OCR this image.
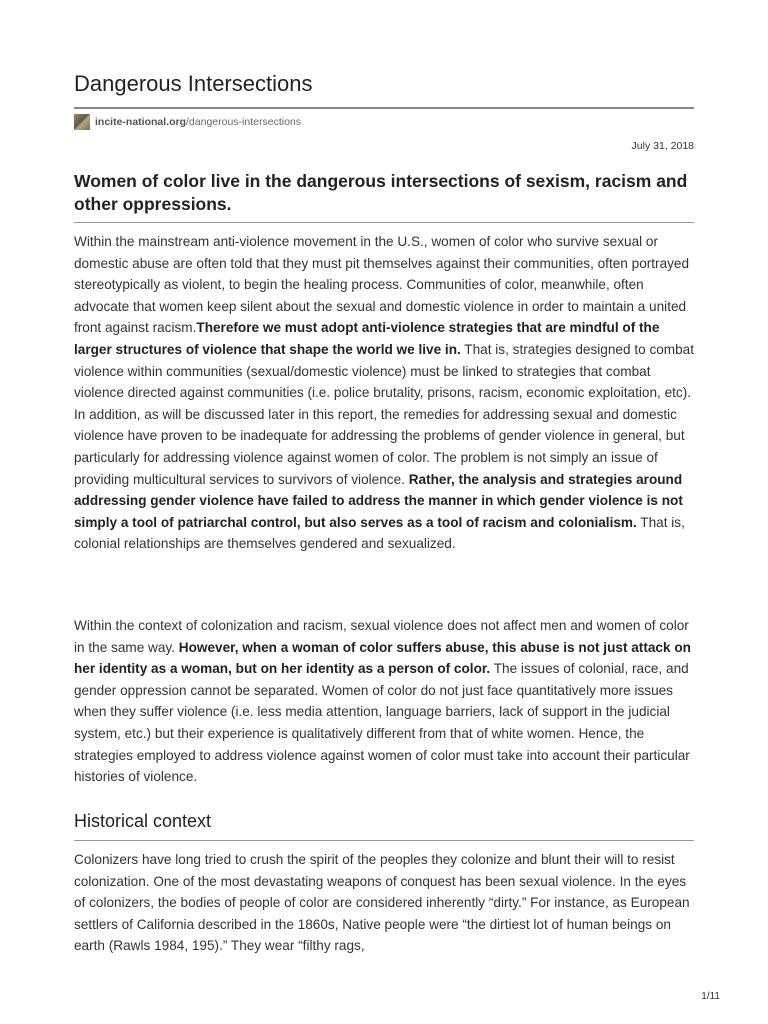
Dangerous Intersections
incite-national.org/dangerous-intersections
July 31, 2018
Women of color live in the dangerous intersections of sexism, racism and other oppressions.

Within the mainstream anti-violence movement in the U.S., women of color who survive sexual or domestic abuse are often told that they must pit themselves against their communities, often portrayed stereotypically as violent, to begin the healing process. Communities of color, meanwhile, often advocate that women keep silent about the sexual and domestic violence in order to maintain a united front against racism.Therefore we must adopt anti-violence strategies that are mindful of the larger structures of violence that shape the world we live in. That is, strategies designed to combat violence within communities (sexual/domestic violence) must be linked to strategies that combat violence directed against communities (i.e. police brutality, prisons, racism, economic exploitation, etc). In addition, as will be discussed later in this report, the remedies for addressing sexual and domestic violence have proven to be inadequate for addressing the problems of gender violence in general, but particularly for addressing violence against women of color. The problem is not simply an issue of providing multicultural services to survivors of violence. Rather, the analysis and strategies around addressing gender violence have failed to address the manner in which gender violence is not simply a tool of patriarchal control, but also serves as a tool of racism and colonialism. That is, colonial relationships are themselves gendered and sexualized.

Within the context of colonization and racism, sexual violence does not affect men and women of color in the same way. However, when a woman of color suffers abuse, this abuse is not just attack on her identity as a woman, but on her identity as a person of color. The issues of colonial, race, and gender oppression cannot be separated. Women of color do not just face quantitatively more issues when they suffer violence (i.e. less media attention, language barriers, lack of support in the judicial system, etc.) but their experience is qualitatively different from that of white women. Hence, the strategies employed to address violence against women of color must take into account their particular histories of violence.

Historical context

Colonizers have long tried to crush the spirit of the peoples they colonize and blunt their will to resist colonization. One of the most devastating weapons of conquest has been sexual violence. In the eyes of colonizers, the bodies of people of color are considered inherently “dirty.” For instance, as European settlers of California described in the 1860s, Native people were “the dirtiest lot of human beings on earth (Rawls 1984, 195).” They wear “filthy rags,

1/11
